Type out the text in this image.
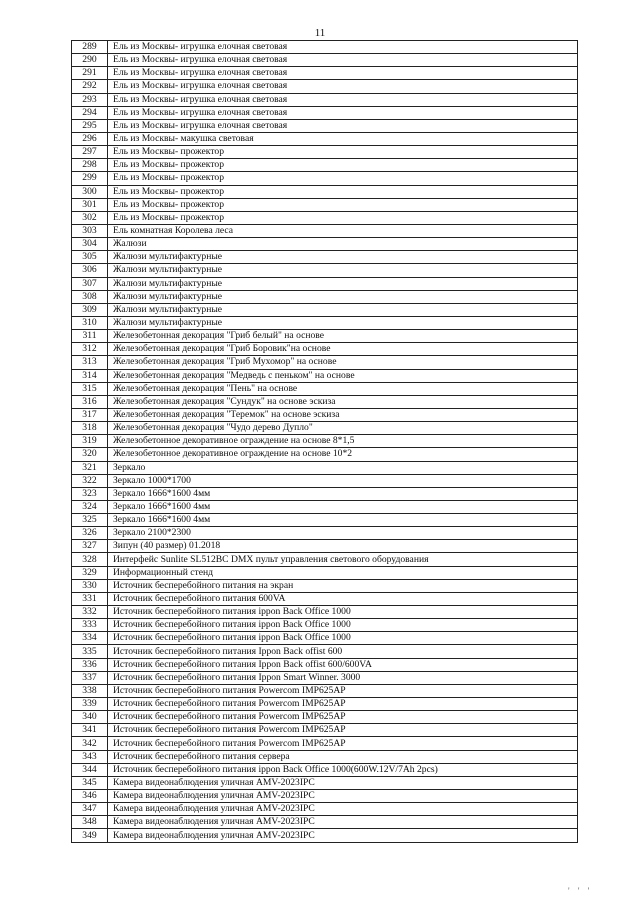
11
289	Ель из Москвы- игрушка елочная световая
290	Ель из Москвы- игрушка елочная световая
291	Ель из Москвы- игрушка елочная световая
292	Ель из Москвы- игрушка елочная световая
293	Ель из Москвы- игрушка елочная световая
294	Ель из Москвы- игрушка елочная световая
295	Ель из Москвы- игрушка елочная световая
296	Ель из Москвы- макушка световая
297	Ель из Москвы- прожектор
298	Ель из Москвы- прожектор
299	Ель из Москвы- прожектор
300	Ель из Москвы- прожектор
301	Ель из Москвы- прожектор
302	Ель из Москвы- прожектор
303	Ель комнатная Королева леса
304	Жалюзи
305	Жалюзи мультифактурные
306	Жалюзи мультифактурные
307	Жалюзи мультифактурные
308	Жалюзи мультифактурные
309	Жалюзи мультифактурные
310	Жалюзи мультифактурные
311	Железобетонная декорация "Гриб белый" на основе
312	Железобетонная декорация "Гриб Боровик"на основе
313	Железобетонная декорация "Гриб Мухомор" на основе
314	Железобетонная декорация "Медведь с пеньком" на основе
315	Железобетонная декорация "Пень" на основе
316	Железобетонная декорация "Сундук" на основе эскиза
317	Железобетонная декорация "Теремок" на основе эскиза
318	Железобетонная декорация "Чудо дерево Дупло"
319	Железобетонное декоративное ограждение на основе 8*1,5
320	Железобетонное декоративное ограждение на основе 10*2
321	Зеркало
322	Зеркало 1000*1700
323	Зеркало 1666*1600 4мм
324	Зеркало 1666*1600 4мм
325	Зеркало 1666*1600 4мм
326	Зеркало 2100*2300
327	Зипун (40 размер) 01.2018
328	Интерфейс Sunlite SL512BC DMX пульт управления светового оборудования
329	Информационный стенд
330	Источник бесперебойного питания на экран
331	Источник бесперебойного питания 600VA
332	Источник бесперебойного питания ippon Back Office 1000
333	Источник бесперебойного питания ippon Back Office 1000
334	Источник бесперебойного питания ippon Back Office 1000
335	Источник бесперебойного питания Ippon Back offist 600
336	Источник бесперебойного питания Ippon Back offist 600/600VA
337	Источник бесперебойного питания Ippon Smart Winner. 3000
338	Источник бесперебойного питания Powercom IMP625AP
339	Источник бесперебойного питания Powercom IMP625AP
340	Источник бесперебойного питания Powercom IMP625AP
341	Источник бесперебойного питания Powercom IMP625AP
342	Источник бесперебойного питания Powercom IMP625AP
343	Источник бесперебойного питания сервера
344	Источник бесперебойного питания ippon Back Office 1000(600W.12V/7Ah 2pcs)
345	Камера видеонаблюдения уличная AMV-2023IPC
346	Камера видеонаблюдения уличная AMV-2023IPC
347	Камера видеонаблюдения уличная AMV-2023IPC
348	Камера видеонаблюдения уличная AMV-2023IPC
349	Камера видеонаблюдения уличная AMV-2023IPC
' ' '
